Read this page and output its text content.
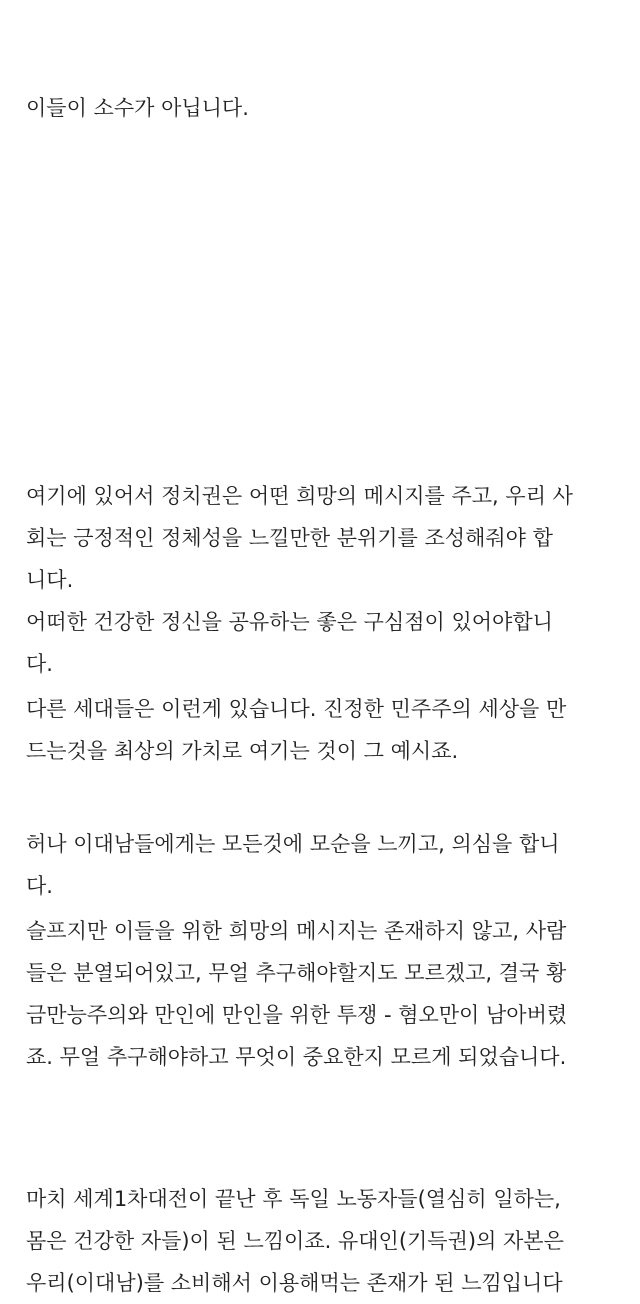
이들이 소수가 아닙니다.

여기에 있어서 정치권은 어떤 희망의 메시지를 주고, 우리 사
회는 긍정적인 정체성을 느낄만한 분위기를 조성해줘야 합
니다.

어떠한 건강한 정신을 공유하는 좋은 구심점이 있어야합니
다.

다른 세대들은 이런게 있습니다. 진정한 민주주의 세상을 만
드는것을 최상의 가치로 여기는 것이 그 예시죠.

허나 이대남들에게는 모든것에 모순을 느끼고, 의심을 합니
다.

슬프지만 이들을 위한 희망의 메시지는 존재하지 않고, 사람
들은 분열되어있고, 무얼 추구해야할지도 모르겠고, 결국 황
금만능주의와 만인에 만인을 위한 투쟁 - 혐오만이 남아버렸
죠. 무얼 추구해야하고 무엇이 중요한지 모르게 되었습니다.

마치 세계1차대전이 끝난 후 독일 노동자들(열심히 일하는,
몸은 건강한 자들)이 된 느낌이죠. 유대인(기득권)의 자본은
우리(이대남)를 소비해서 이용해먹는 존재가 된 느낌입니다
